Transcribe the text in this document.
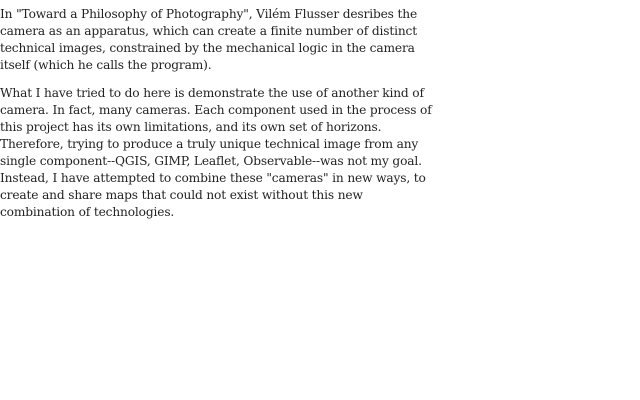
In "Toward a Philosophy of Photography", Vilém Flusser desribes the camera as an apparatus, which can create a finite number of distinct technical images, constrained by the mechanical logic in the camera itself (which he calls the program).

What I have tried to do here is demonstrate the use of another kind of camera. In fact, many cameras. Each component used in the process of this project has its own limitations, and its own set of horizons. Therefore, trying to produce a truly unique technical image from any single component--QGIS, GIMP, Leaflet, Observable--was not my goal. Instead, I have attempted to combine these "cameras" in new ways, to create and share maps that could not exist without this new combination of technologies.
